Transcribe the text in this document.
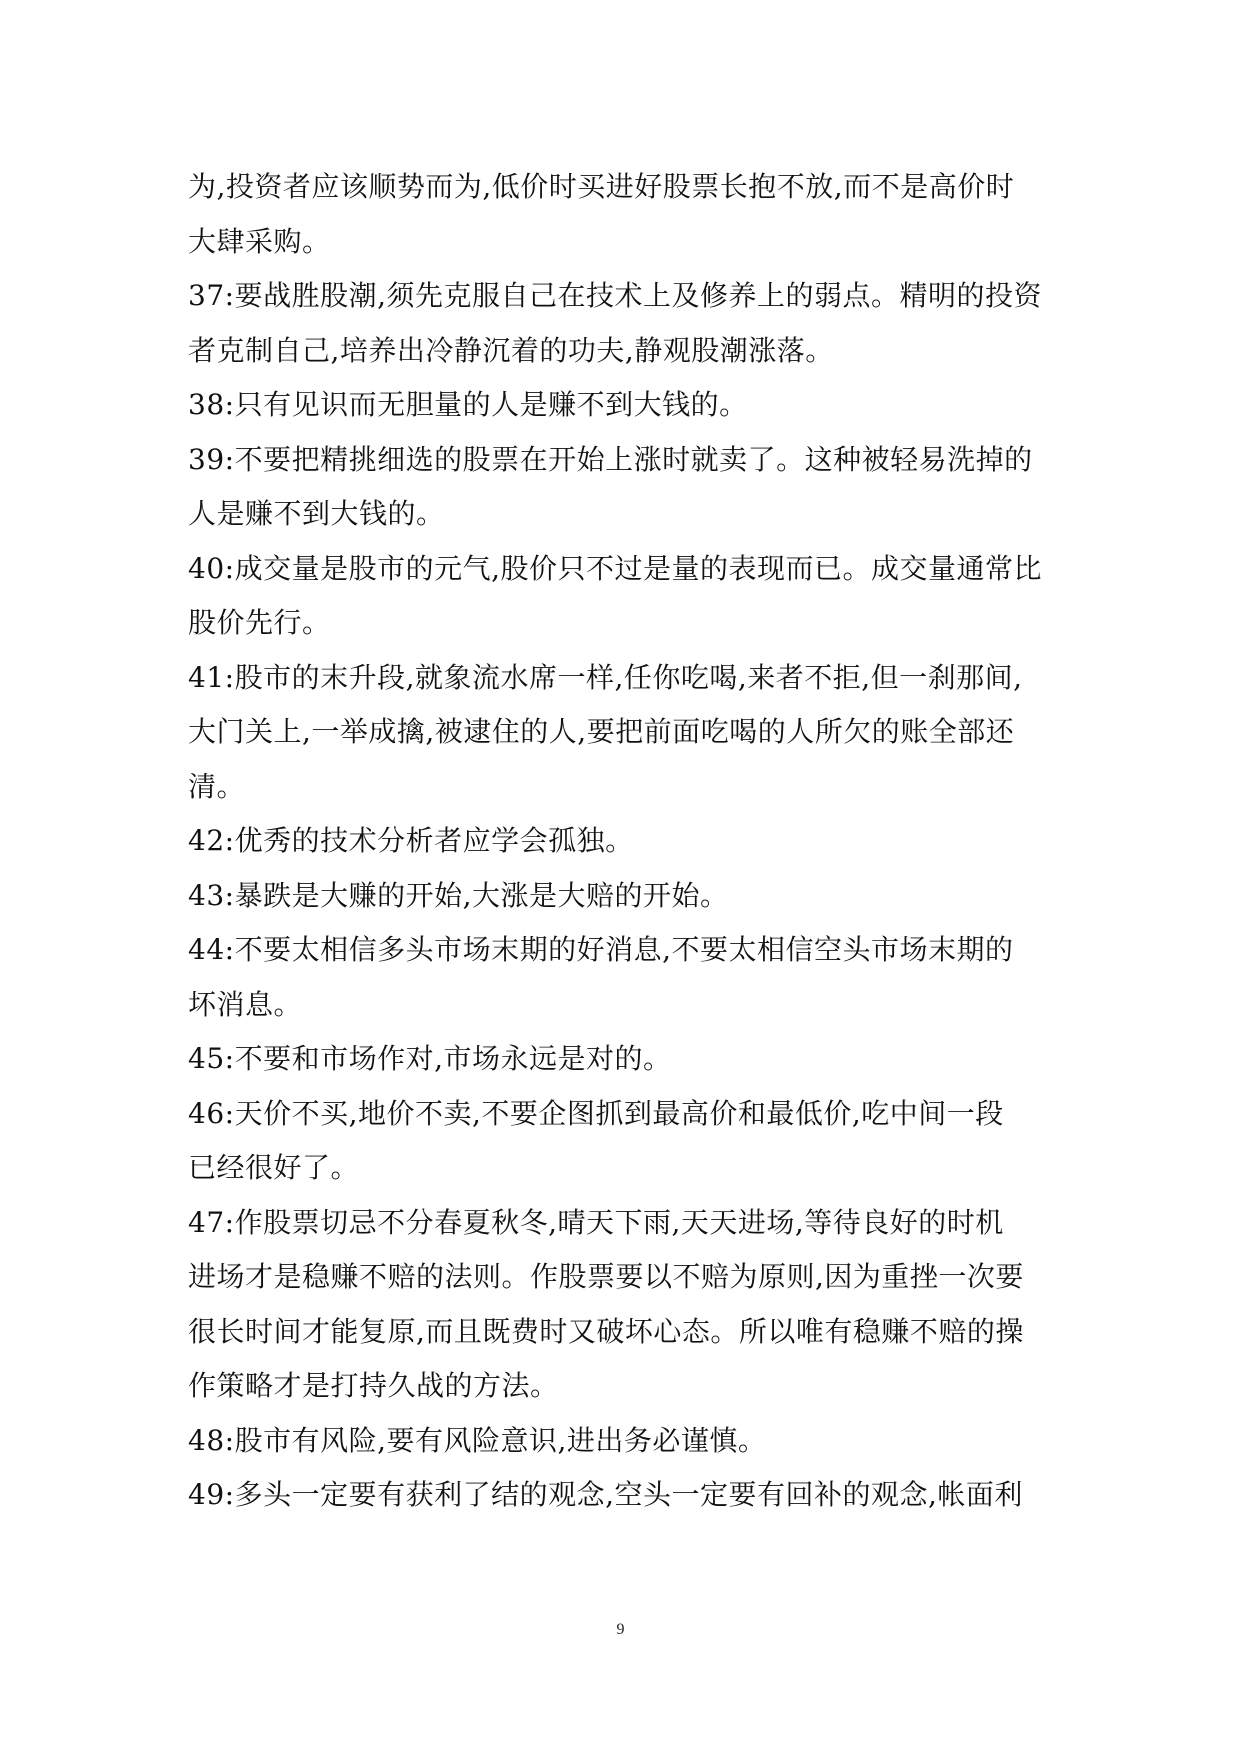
为,投资者应该顺势而为,低价时买进好股票长抱不放,而不是高价时
大肆采购。
37:要战胜股潮,须先克服自己在技术上及修养上的弱点。精明的投资
者克制自己,培养出冷静沉着的功夫,静观股潮涨落。
38:只有见识而无胆量的人是赚不到大钱的。
39:不要把精挑细选的股票在开始上涨时就卖了。这种被轻易洗掉的
人是赚不到大钱的。
40:成交量是股市的元气,股价只不过是量的表现而已。成交量通常比
股价先行。
41:股市的末升段,就象流水席一样,任你吃喝,来者不拒,但一刹那间,
大门关上,一举成擒,被逮住的人,要把前面吃喝的人所欠的账全部还
清。
42:优秀的技术分析者应学会孤独。
43:暴跌是大赚的开始,大涨是大赔的开始。
44:不要太相信多头市场末期的好消息,不要太相信空头市场末期的
坏消息。
45:不要和市场作对,市场永远是对的。
46:天价不买,地价不卖,不要企图抓到最高价和最低价,吃中间一段
已经很好了。
47:作股票切忌不分春夏秋冬,晴天下雨,天天进场,等待良好的时机
进场才是稳赚不赔的法则。作股票要以不赔为原则,因为重挫一次要
很长时间才能复原,而且既费时又破坏心态。所以唯有稳赚不赔的操
作策略才是打持久战的方法。
48:股市有风险,要有风险意识,进出务必谨慎。
49:多头一定要有获利了结的观念,空头一定要有回补的观念,帐面利
9
